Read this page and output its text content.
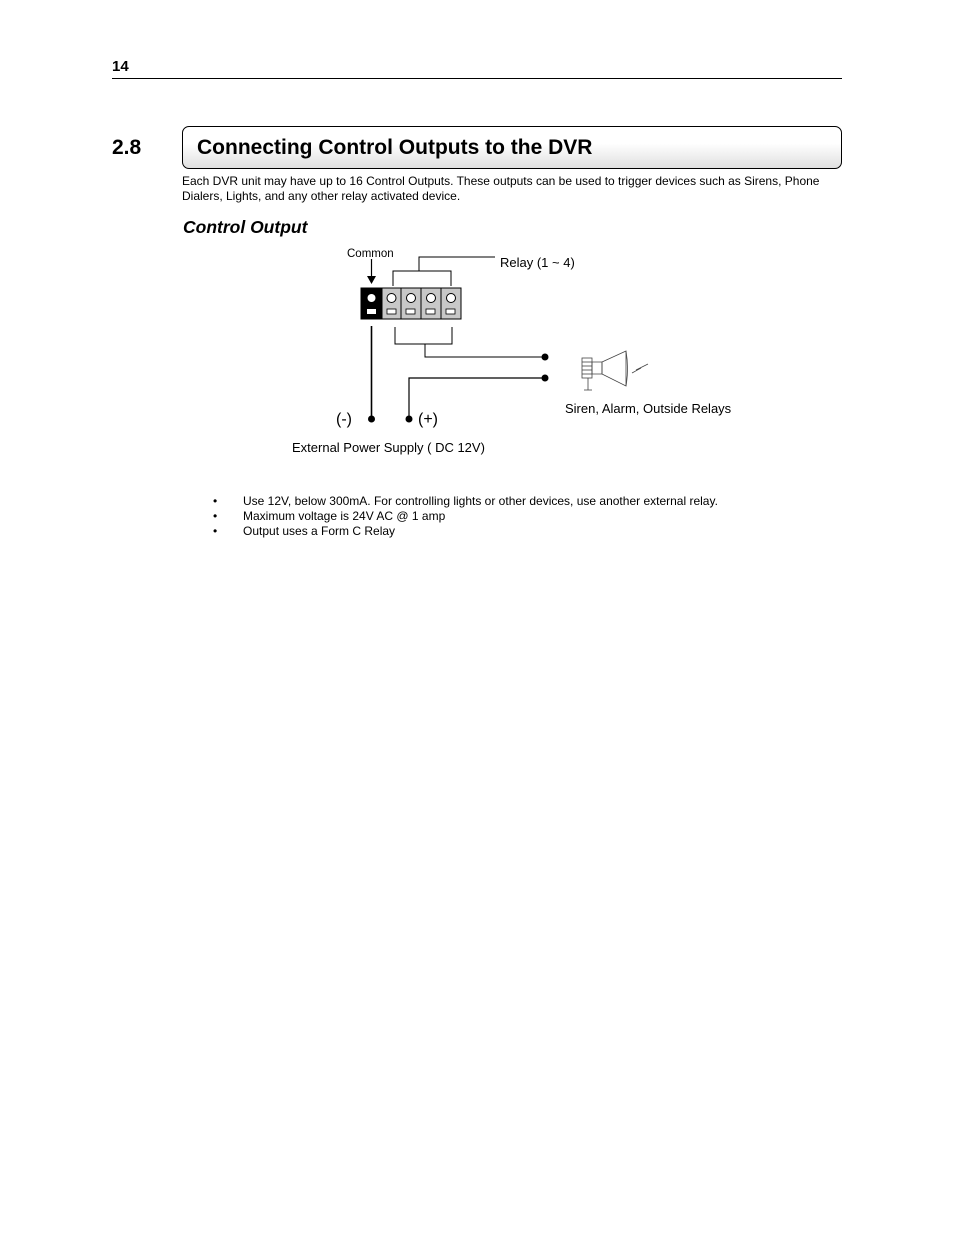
14
2.8	Connecting Control Outputs to the DVR

Each DVR unit may have up to 16 Control Outputs. These outputs can be used to trigger devices such as Sirens, Phone Dialers, Lights, and any other relay activated device.

Control Output
Common
Relay (1 ~ 4)
(-)	(+)
External Power Supply ( DC 12V)
Siren, Alarm, Outside Relays
• Use 12V, below 300mA. For controlling lights or other devices, use another external relay.
• Maximum voltage is 24V AC @ 1 amp
• Output uses a Form C Relay
